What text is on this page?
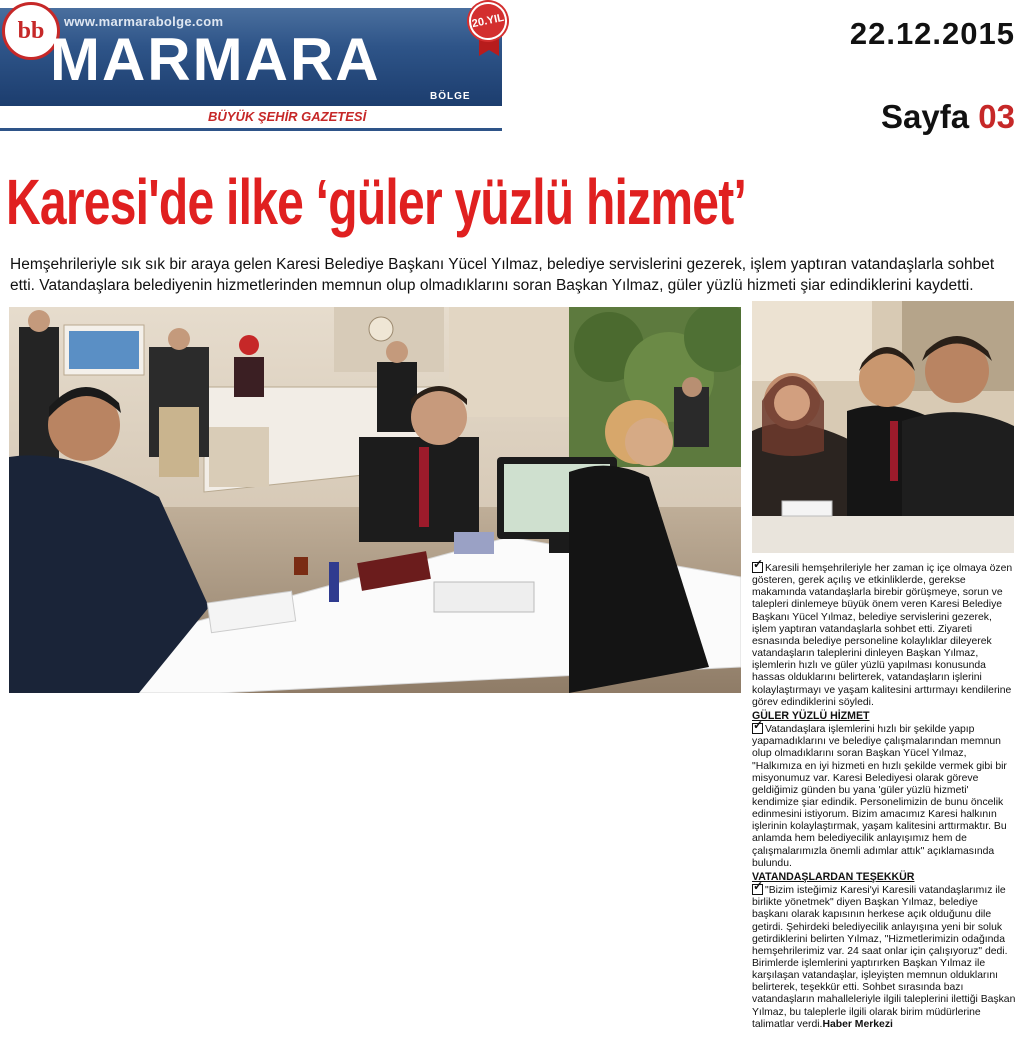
bb www.marmarabolge.com
MARMARA
BÖLGE
20.YIL
BÜYÜK ŞEHİR GAZETESİ
22.12.2015
Sayfa 03
Karesi'de ilke ‘güler yüzlü hizmet’

Hemşehrileriyle sık sık bir araya gelen Karesi Belediye Başkanı Yücel Yılmaz, belediye servislerini gezerek, işlem yaptıran vatandaşlarla sohbet etti. Vatandaşlara belediyenin hizmetlerinden memnun olup olmadıklarını soran Başkan Yılmaz, güler yüzlü hizmeti şiar edindiklerini kaydetti.

✓Karesili hemşehrileriyle her zaman iç içe olmaya özen gösteren, gerek açılış ve etkinliklerde, gerekse makamında vatandaşlarla birebir görüşmeye, sorun ve talepleri dinlemeye büyük önem veren Karesi Belediye Başkanı Yücel Yılmaz, belediye servislerini gezerek, işlem yaptıran vatandaşlarla sohbet etti. Ziyareti esnasında belediye personeline kolaylıklar dileyerek vatandaşların taleplerini dinleyen Başkan Yılmaz, işlemlerin hızlı ve güler yüzlü yapılması konusunda hassas olduklarını belirterek, vatandaşların işlerini kolaylaştırmayı ve yaşam kalitesini arttırmayı kendilerine görev edindiklerini söyledi.

GÜLER YÜZLÜ HİZMET

✓Vatandaşlara işlemlerini hızlı bir şekilde yapıp yapamadıklarını ve belediye çalışmalarından memnun olup olmadıklarını soran Başkan Yücel Yılmaz, "Halkımıza en iyi hizmeti en hızlı şekilde vermek gibi bir misyonumuz var. Karesi Belediyesi olarak göreve geldiğimiz günden bu yana 'güler yüzlü hizmeti' kendimize şiar edindik. Personelimizin de bunu öncelik edinmesini istiyorum. Bizim amacımız Karesi halkının işlerinin kolaylaştırmak, yaşam kalitesini arttırmaktır. Bu anlamda hem belediyecilik anlayışımız hem de çalışmalarımızla önemli adımlar attık" açıklamasında bulundu.

VATANDAŞLARDAN TEŞEKKÜR

✓"Bizim isteğimiz Karesi'yi Karesili vatandaşlarımız ile birlikte yönetmek" diyen Başkan Yılmaz, belediye başkanı olarak kapısının herkese açık olduğunu dile getirdi. Şehirdeki belediyecilik anlayışına yeni bir soluk getirdiklerini belirten Yılmaz, "Hizmetlerimizin odağında hemşehrilerimiz var. 24 saat onlar için çalışıyoruz" dedi. Birimlerde işlemlerini yaptırırken Başkan Yılmaz ile karşılaşan vatandaşlar, işleyişten memnun olduklarını belirterek, teşekkür etti. Sohbet sırasında bazı vatandaşların mahalleleriyle ilgili taleplerini ilettiği Başkan Yılmaz, bu taleplerle ilgili olarak birim müdürlerine talimatlar verdi.Haber Merkezi
